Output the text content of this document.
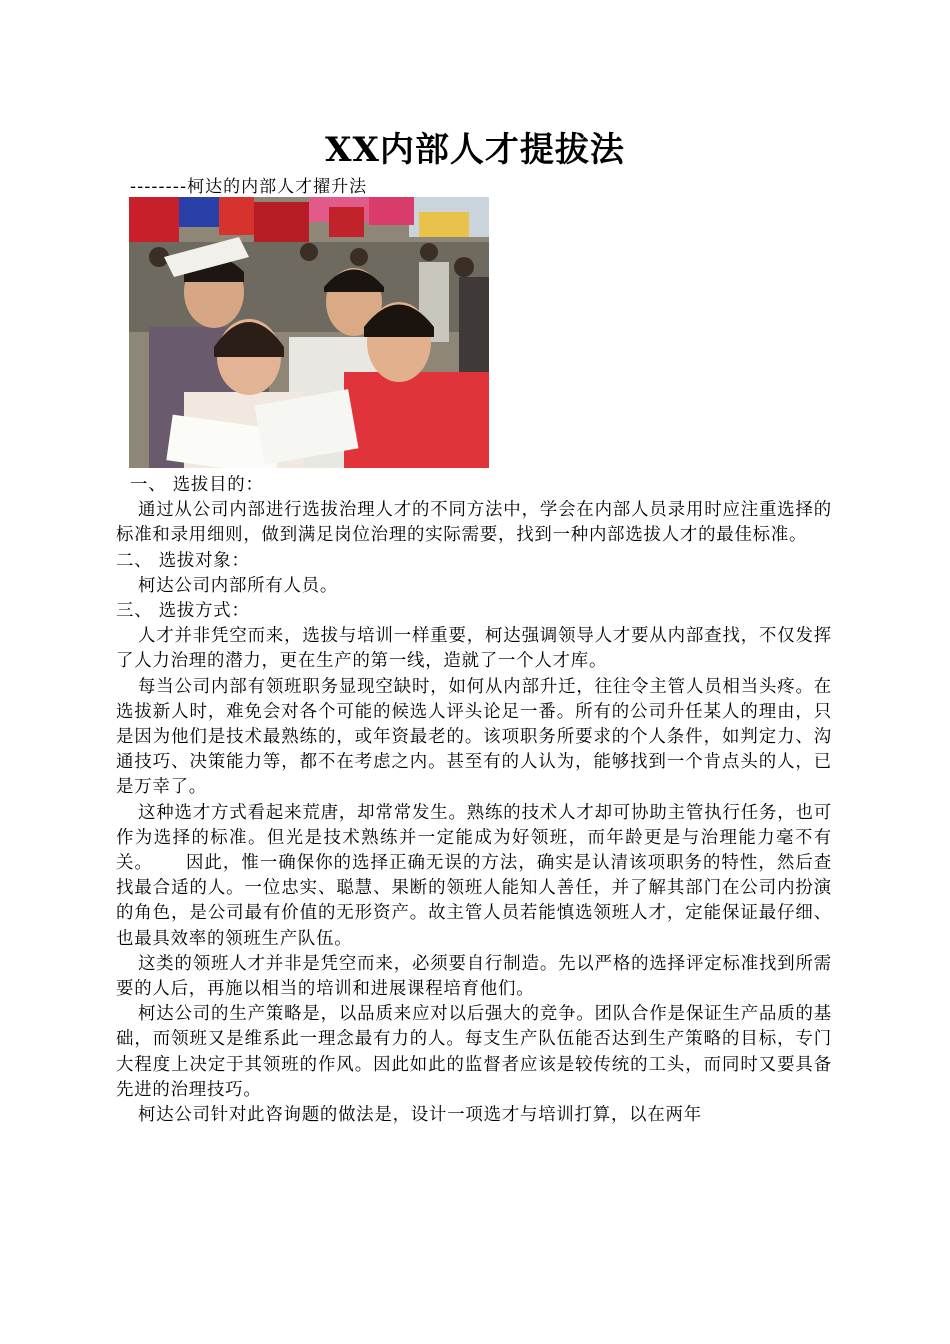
XX内部人才提拔法
--------柯达的内部人才擢升法

一、 选拔目的：

通过从公司内部进行选拔治理人才的不同方法中，学会在内部人员录用时应注重选择的标准和录用细则，做到满足岗位治理的实际需要，找到一种内部选拔人才的最佳标准。

二、 选拔对象：

柯达公司内部所有人员。

三、 选拔方式：

人才并非凭空而来，选拔与培训一样重要，柯达强调领导人才要从内部查找，不仅发挥了人力治理的潜力，更在生产的第一线，造就了一个人才库。

每当公司内部有领班职务显现空缺时，如何从内部升迁，往往令主管人员相当头疼。在选拔新人时，难免会对各个可能的候选人评头论足一番。所有的公司升任某人的理由，只是因为他们是技术最熟练的，或年资最老的。该项职务所要求的个人条件，如判定力、沟通技巧、决策能力等，都不在考虑之内。甚至有的人认为，能够找到一个肯点头的人，已是万幸了。

这种选才方式看起来荒唐，却常常发生。熟练的技术人才却可协助主管执行任务，也可作为选择的标准。但光是技术熟练并一定能成为好领班，而年龄更是与治理能力毫不有关。     因此，惟一确保你的选择正确无误的方法，确实是认清该项职务的特性，然后查找最合适的人。一位忠实、聪慧、果断的领班人能知人善任，并了解其部门在公司内扮演的角色，是公司最有价值的无形资产。故主管人员若能慎选领班人才，定能保证最仔细、也最具效率的领班生产队伍。

这类的领班人才并非是凭空而来，必须要自行制造。先以严格的选择评定标准找到所需要的人后，再施以相当的培训和进展课程培育他们。

柯达公司的生产策略是，以品质来应对以后强大的竞争。团队合作是保证生产品质的基础，而领班又是维系此一理念最有力的人。每支生产队伍能否达到生产策略的目标，专门大程度上决定于其领班的作风。因此如此的监督者应该是较传统的工头，而同时又要具备先进的治理技巧。

柯达公司针对此咨询题的做法是，设计一项选才与培训打算，以在两年
